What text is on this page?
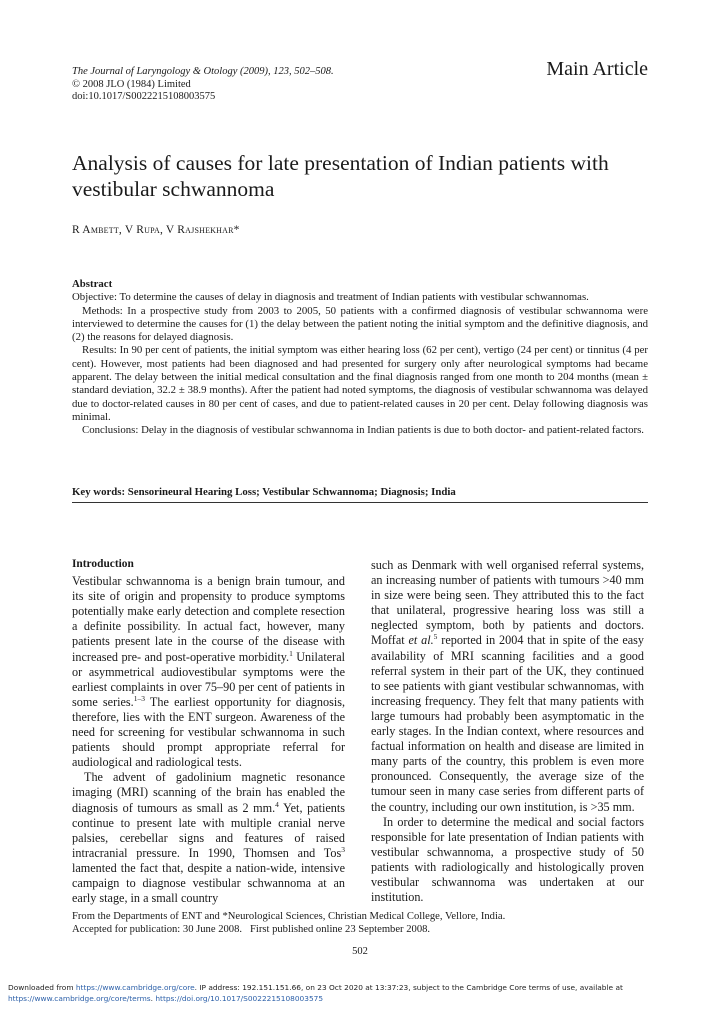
The Journal of Laryngology & Otology (2009), 123, 502–508.
© 2008 JLO (1984) Limited
doi:10.1017/S0022215108003575
Main Article
Analysis of causes for late presentation of Indian patients with vestibular schwannoma
R Ambett, V Rupa, V Rajshekhar*

Abstract

Objective: To determine the causes of delay in diagnosis and treatment of Indian patients with vestibular schwannomas.

Methods: In a prospective study from 2003 to 2005, 50 patients with a confirmed diagnosis of vestibular schwannoma were interviewed to determine the causes for (1) the delay between the patient noting the initial symptom and the definitive diagnosis, and (2) the reasons for delayed diagnosis.

Results: In 90 per cent of patients, the initial symptom was either hearing loss (62 per cent), vertigo (24 per cent) or tinnitus (4 per cent). However, most patients had been diagnosed and had presented for surgery only after neurological symptoms had became apparent. The delay between the initial medical consultation and the final diagnosis ranged from one month to 204 months (mean ± standard deviation, 32.2 ± 38.9 months). After the patient had noted symptoms, the diagnosis of vestibular schwannoma was delayed due to doctor-related causes in 80 per cent of cases, and due to patient-related causes in 20 per cent. Delay following diagnosis was minimal.

Conclusions: Delay in the diagnosis of vestibular schwannoma in Indian patients is due to both doctor- and patient-related factors.

Key words: Sensorineural Hearing Loss; Vestibular Schwannoma; Diagnosis; India

Introduction

Vestibular schwannoma is a benign brain tumour, and its site of origin and propensity to produce symptoms potentially make early detection and complete resection a definite possibility. In actual fact, however, many patients present late in the course of the disease with increased pre- and post-operative morbidity.$^1$ Unilateral or asymmetrical audiovestibular symptoms were the earliest complaints in over 75–90 per cent of patients in some series.$^{1-3}$ The earliest opportunity for diagnosis, therefore, lies with the ENT surgeon. Awareness of the need for screening for vestibular schwannoma in such patients should prompt appropriate referral for audiological and radiological tests.

The advent of gadolinium magnetic resonance imaging (MRI) scanning of the brain has enabled the diagnosis of tumours as small as 2 mm.$^4$ Yet, patients continue to present late with multiple cranial nerve palsies, cerebellar signs and features of raised intracranial pressure. In 1990, Thomsen and Tos$^3$ lamented the fact that, despite a nation-wide, intensive campaign to diagnose vestibular schwannoma at an early stage, in a small country

such as Denmark with well organised referral systems, an increasing number of patients with tumours >40 mm in size were being seen. They attributed this to the fact that unilateral, progressive hearing loss was still a neglected symptom, both by patients and doctors. Moffat et al.$^5$ reported in 2004 that in spite of the easy availability of MRI scanning facilities and a good referral system in their part of the UK, they continued to see patients with giant vestibular schwannomas, with increasing frequency. They felt that many patients with large tumours had probably been asymptomatic in the early stages. In the Indian context, where resources and factual information on health and disease are limited in many parts of the country, this problem is even more pronounced. Consequently, the average size of the tumour seen in many case series from different parts of the country, including our own institution, is >35 mm.

In order to determine the medical and social factors responsible for late presentation of Indian patients with vestibular schwannoma, a prospective study of 50 patients with radiologically and histologically proven vestibular schwannoma was undertaken at our institution.

From the Departments of ENT and *Neurological Sciences, Christian Medical College, Vellore, India.
Accepted for publication: 30 June 2008.   First published online 23 September 2008.
502
Downloaded from https://www.cambridge.org/core. IP address: 192.151.151.66, on 23 Oct 2020 at 13:37:23, subject to the Cambridge Core terms of use, available at
https://www.cambridge.org/core/terms. https://doi.org/10.1017/S0022215108003575
